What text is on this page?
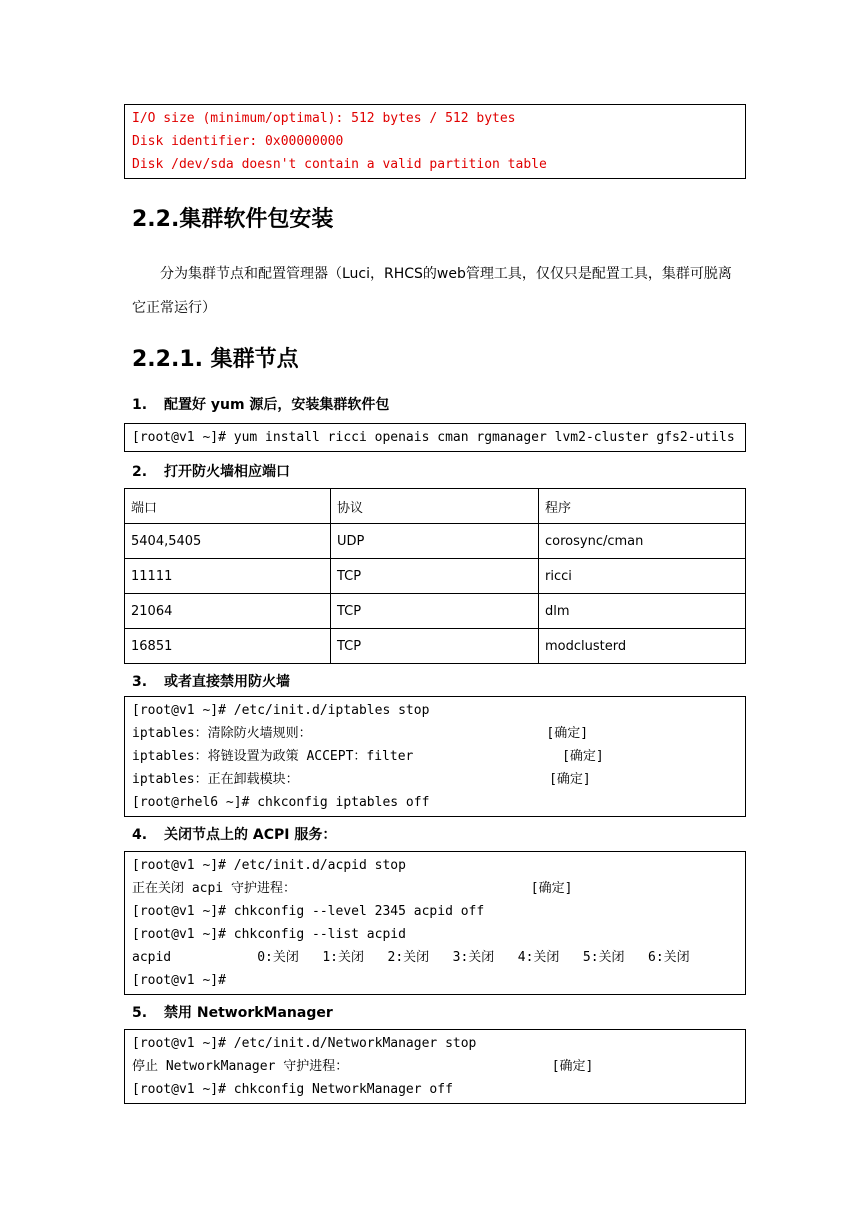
I/O size (minimum/optimal): 512 bytes / 512 bytes
Disk identifier: 0x00000000
Disk /dev/sda doesn't contain a valid partition table
2.2.集群软件包安装
分为集群节点和配置管理器（Luci，RHCS的web管理工具，仅仅只是配置工具，集群可脱离它正常运行）
2.2.1. 集群节点
1. 配置好 yum 源后，安装集群软件包
[root@v1 ~]# yum install ricci openais cman rgmanager lvm2-cluster gfs2-utils
2. 打开防火墙相应端口
端口	协议	程序
5404,5405	UDP	corosync/cman
11111	TCP	ricci
21064	TCP	dlm
16851	TCP	modclusterd
3. 或者直接禁用防火墙
[root@v1 ~]# /etc/init.d/iptables stop
iptables：清除防火墙规则：                              [确定]
iptables：将链设置为政策 ACCEPT：filter                   [确定]
iptables：正在卸载模块：                                [确定]
[root@rhel6 ~]# chkconfig iptables off
4. 关闭节点上的 ACPI 服务：
[root@v1 ~]# /etc/init.d/acpid stop
正在关闭 acpi 守护进程：                              [确定]
[root@v1 ~]# chkconfig --level 2345 acpid off
[root@v1 ~]# chkconfig --list acpid
acpid           0:关闭   1:关闭   2:关闭   3:关闭   4:关闭   5:关闭   6:关闭
[root@v1 ~]#
5. 禁用 NetworkManager
[root@v1 ~]# /etc/init.d/NetworkManager stop
停止 NetworkManager 守护进程：                          [确定]
[root@v1 ~]# chkconfig NetworkManager off
